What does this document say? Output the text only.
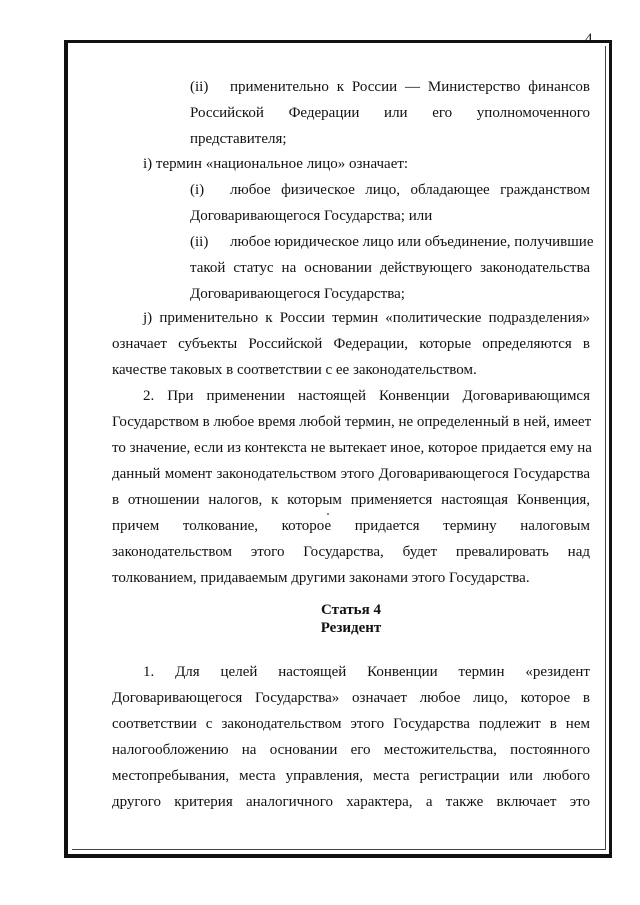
4
(ii)	применительно к России — Министерство финансов
Российской Федерации или его уполномоченного
представителя;
i) термин «национальное лицо» означает:
(i)	любое физическое лицо, обладающее гражданством
Договаривающегося Государства; или
(ii)	любое юридическое лицо или объединение, получившие
такой статус на основании действующего законодательства
Договаривающегося Государства;
j) применительно к России термин «политические подразделения»
означает субъекты Российской Федерации, которые определяются в
качестве таковых в соответствии с ее законодательством.
2. При применении настоящей Конвенции Договаривающимся
Государством в любое время любой термин, не определенный в ней, имеет
то значение, если из контекста не вытекает иное, которое придается ему на
данный момент законодательством этого Договаривающегося Государства
в отношении налогов, к которым применяется настоящая Конвенция,
причем толкование, которое придается термину налоговым
законодательством этого Государства, будет превалировать над
толкованием, придаваемым другими законами этого Государства.
Статья 4
Резидент
1. Для целей настоящей Конвенции термин «резидент
Договаривающегося Государства» означает любое лицо, которое в
соответствии с законодательством этого Государства подлежит в нем
налогообложению на основании его местожительства, постоянного
местопребывания, места управления, места регистрации или любого
другого критерия аналогичного характера, а также включает это
